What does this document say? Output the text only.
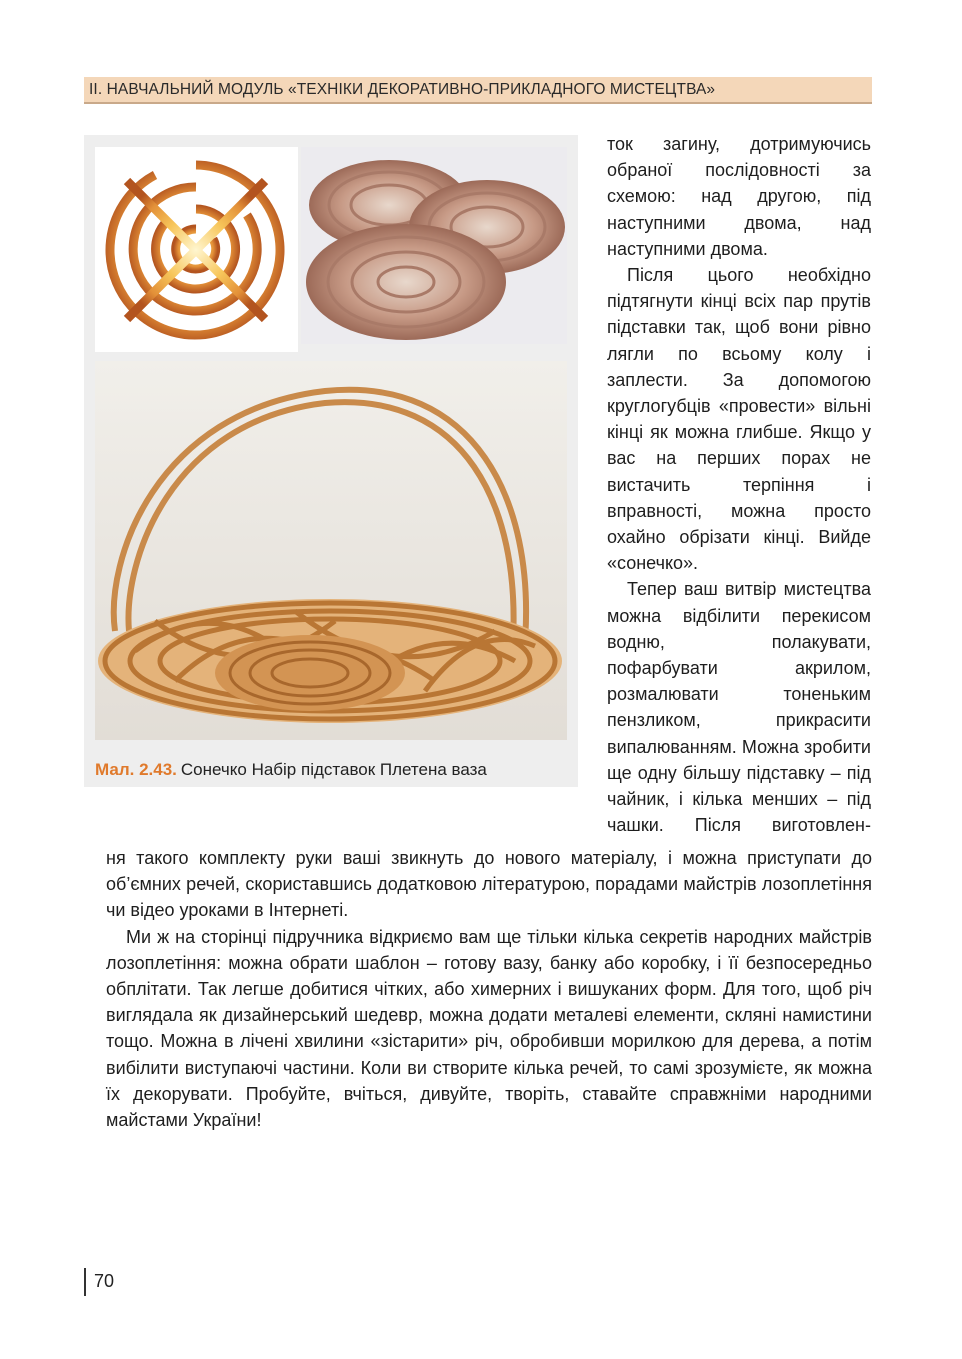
II. НАВЧАЛЬНИЙ МОДУЛЬ «ТЕХНІКИ ДЕКОРАТИВНО-ПРИКЛАДНОГО МИСТЕЦТВА»
Мал. 2.43. Сонечко Набір підставок Плетена ваза

ток загину, дотримуючись обраної послідовності за схемою: над другою, під наступними двома, над наступними двома.

Після цього необхідно підтягнути кінці всіх пар прутів підставки так, щоб вони рівно лягли по всьому колу і заплести. За допомогою круглогубців «провести» вільні кінці як можна глибше. Якщо у вас на перших порах не вистачить терпіння і вправності, можна просто охайно обрізати кінці. Вийде «сонечко».

Тепер ваш витвір мистецтва можна відбілити перекисом водню, полакувати, пофарбувати акрилом, розмалювати тоненьким пензликом, прикрасити випалюванням. Можна зробити ще одну більшу підставку – під чайник, і кілька менших – під чашки. Після виготовлен-

ня такого комплекту руки ваші звикнуть до нового матеріалу, і можна приступати до об’ємних речей, скориставшись додатковою літературою, порадами майстрів лозоплетіння чи відео уроками в Інтернеті.

Ми ж на сторінці підручника відкриємо вам ще тільки кілька секретів народних майстрів лозоплетіння: можна обрати шаблон – готову вазу, банку або коробку, і її безпосередньо обплітати. Так легше добитися чітких, або химерних і вишуканих форм. Для того, щоб річ виглядала як дизайнерський шедевр, можна додати металеві елементи, скляні намистини тощо. Можна в лічені хвилини «зістарити» річ, обробивши морилкою для дерева, а потім вибілити виступаючі частини. Коли ви створите кілька речей, то самі зрозумієте, як можна їх декорувати. Пробуйте, вчіться, дивуйте, творіть, ставайте справжніми народними майстами України!

70
